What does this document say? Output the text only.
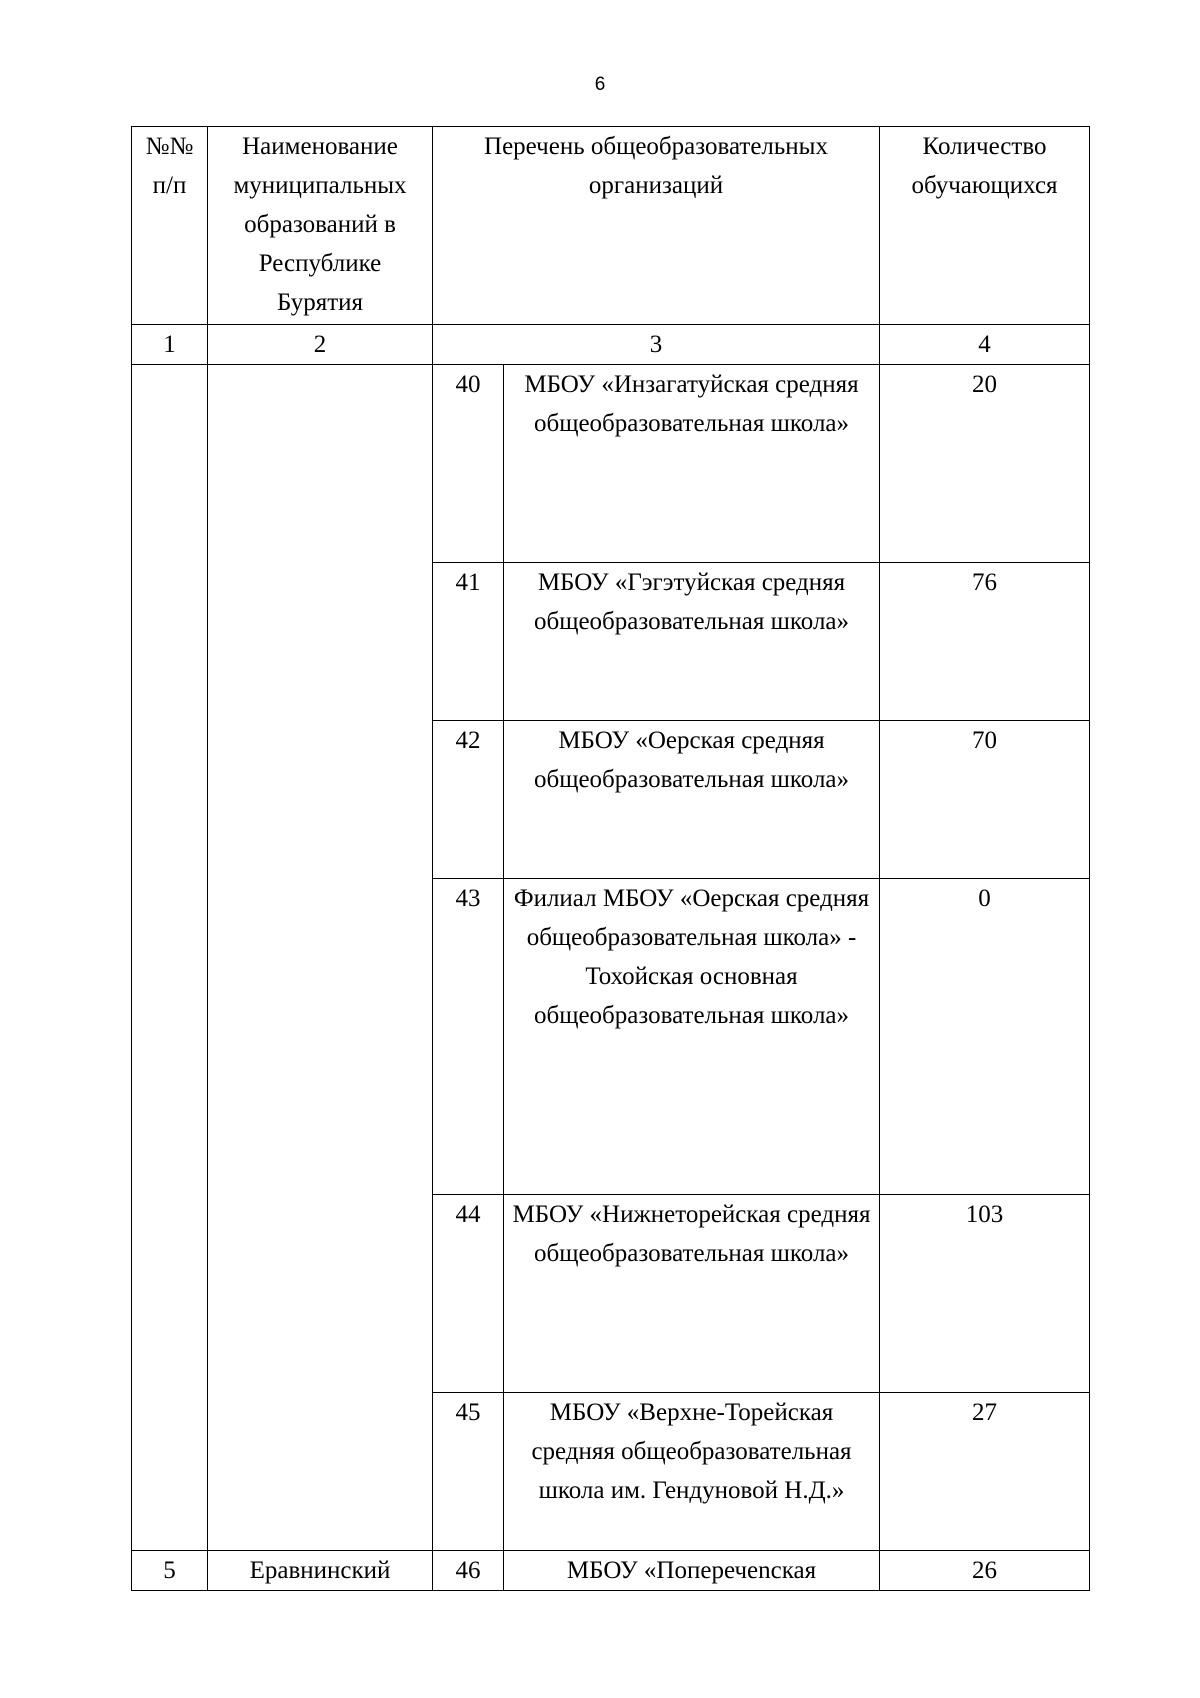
6
№№ п/п	Наименование муниципальных образований в Республике Бурятия	Перечень общеобразовательных организаций		Количество обучающихся

1	2	3		4
		40	МБОУ «Инзагатуйская средняя общеобразовательная школа»	20
		41	МБОУ «Гэгэтуйская средняя общеобразовательная школа»	76
		42	МБОУ «Оерская средняя общеобразовательная школа»	70
		43	Филиал МБОУ «Оерская средняя общеобразовательная школа» - Тохойская основная общеобразовательная школа»	0
		44	МБОУ «Нижнеторейская средняя общеобразовательная школа»	103
		45	МБОУ «Верхне-Торейская средняя общеобразовательная школа им. Гендуновой Н.Д.»	27
5	Еравнинский	46	МБОУ «Поперечenская	26
